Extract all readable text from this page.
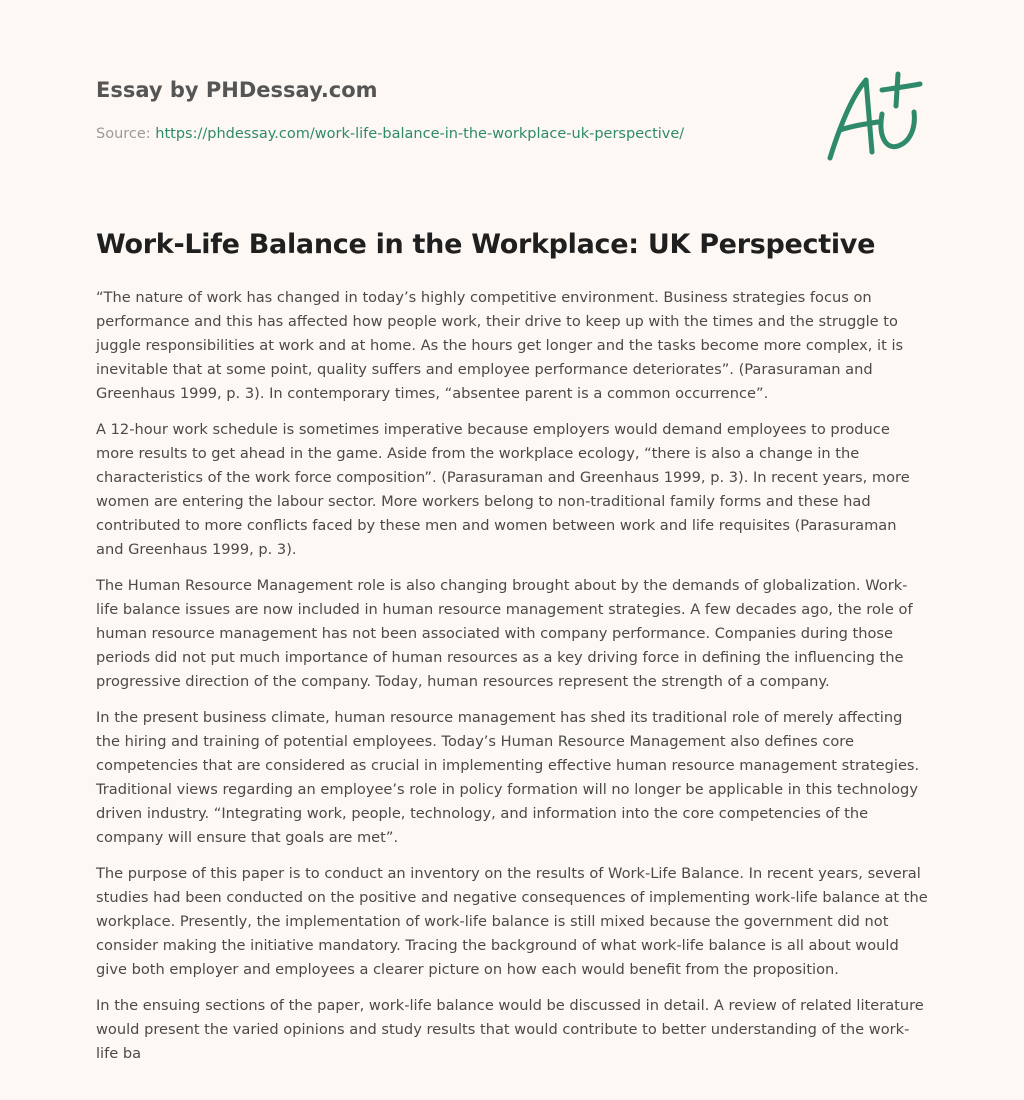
Essay by PHDessay.com
Source: https://phdessay.com/work-life-balance-in-the-workplace-uk-perspective/
Work-Life Balance in the Workplace: UK Perspective

“The nature of work has changed in today’s highly competitive environment. Business strategies focus on performance and this has affected how people work, their drive to keep up with the times and the struggle to juggle responsibilities at work and at home. As the hours get longer and the tasks become more complex, it is inevitable that at some point, quality suffers and employee performance deteriorates”. (Parasuraman and Greenhaus 1999, p. 3). In contemporary times, “absentee parent is a common occurrence”.

A 12-hour work schedule is sometimes imperative because employers would demand employees to produce more results to get ahead in the game. Aside from the workplace ecology, “there is also a change in the characteristics of the work force composition”. (Parasuraman and Greenhaus 1999, p. 3). In recent years, more women are entering the labour sector. More workers belong to non-traditional family forms and these had contributed to more conflicts faced by these men and women between work and life requisites (Parasuraman and Greenhaus 1999, p. 3).

The Human Resource Management role is also changing brought about by the demands of globalization. Work-life balance issues are now included in human resource management strategies. A few decades ago, the role of human resource management has not been associated with company performance. Companies during those periods did not put much importance of human resources as a key driving force in defining the influencing the progressive direction of the company. Today, human resources represent the strength of a company.

In the present business climate, human resource management has shed its traditional role of merely affecting the hiring and training of potential employees. Today’s Human Resource Management also defines core competencies that are considered as crucial in implementing effective human resource management strategies. Traditional views regarding an employee’s role in policy formation will no longer be applicable in this technology driven industry. “Integrating work, people, technology, and information into the core competencies of the company will ensure that goals are met”.

The purpose of this paper is to conduct an inventory on the results of Work-Life Balance. In recent years, several studies had been conducted on the positive and negative consequences of implementing work-life balance at the workplace. Presently, the implementation of work-life balance is still mixed because the government did not consider making the initiative mandatory. Tracing the background of what work-life balance is all about would give both employer and employees a clearer picture on how each would benefit from the proposition.

In the ensuing sections of the paper, work-life balance would be discussed in detail. A review of related literature would present the varied opinions and study results that would contribute to better understanding of the work-life ba
